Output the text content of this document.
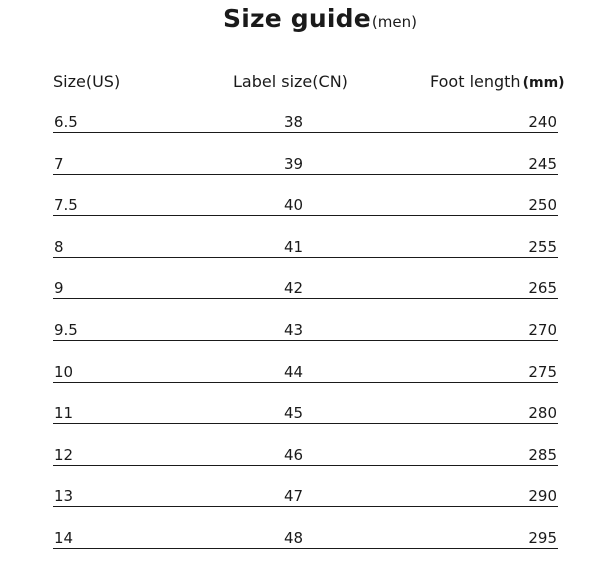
Size guide(men)
Size(US)	Label size(CN)	Foot length (mm)
6.5	38	240
7	39	245
7.5	40	250
8	41	255
9	42	265
9.5	43	270
10	44	275
11	45	280
12	46	285
13	47	290
14	48	295
